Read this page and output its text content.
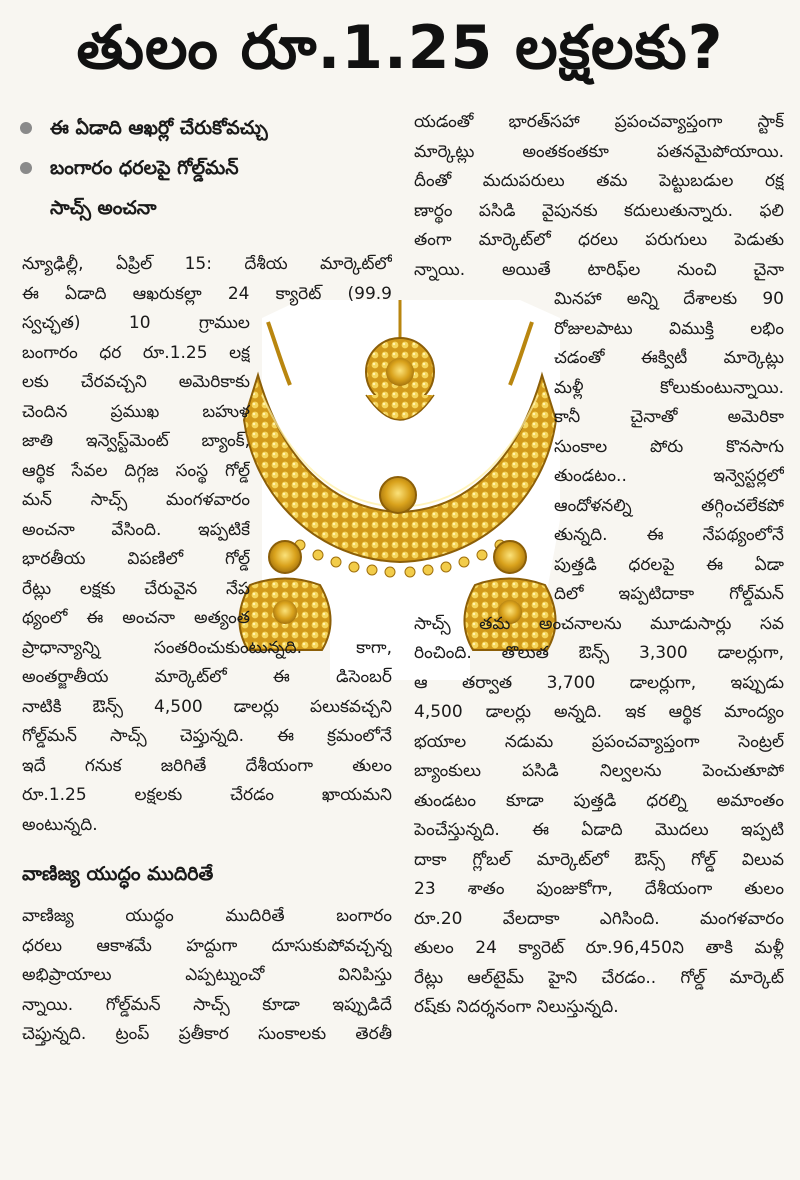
తులం రూ.1.25 లక్షలకు?
ఈ ఏడాది ఆఖర్లో చేరుకోవచ్చు
బంగారం ధరలపై గోల్డ్‌మన్
సాచ్స్ అంచనా
న్యూఢిల్లీ, ఏప్రిల్ 15: దేశీయ మార్కెట్‌లో
ఈ ఏడాది ఆఖరుకల్లా 24 క్యారెట్ (99.9
స్వచ్ఛత) 10 గ్రాముల
బంగారం ధర రూ.1.25 లక్ష
లకు చేరవచ్చని అమెరికాకు
చెందిన ప్రముఖ బహుళ
జాతి ఇన్వెస్ట్‌మెంట్ బ్యాంక్,
ఆర్థిక సేవల దిగ్గజ సంస్థ గోల్డ్
మన్ సాచ్స్ మంగళవారం
అంచనా వేసింది. ఇప్పటికే
భారతీయ విపణిలో గోల్డ్
రేట్లు లక్షకు చేరువైన నేప
థ్యంలో ఈ అంచనా అత్యంత
ప్రాధాన్యాన్ని సంతరించుకుంటున్నది. కాగా,
అంతర్జాతీయ మార్కెట్‌లో ఈ డిసెంబర్
నాటికి ఔన్స్ 4,500 డాలర్లు పలుకవచ్చని
గోల్డ్‌మన్ సాచ్స్ చెప్తున్నది. ఈ క్రమంలోనే
ఇదే గనుక జరిగితే దేశీయంగా తులం
రూ.1.25 లక్షలకు చేరడం ఖాయమని
అంటున్నది.
వాణిజ్య యుద్ధం ముదిరితే
వాణిజ్య యుద్ధం ముదిరితే బంగారం
ధరలు ఆకాశమే హద్దుగా దూసుకుపోవచ్చన్న
అభిప్రాయాలు ఎప్పట్నుంచో వినిపిస్తు
న్నాయి. గోల్డ్‌మన్ సాచ్స్ కూడా ఇప్పుడిదే
చెప్తున్నది. ట్రంప్ ప్రతీకార సుంకాలకు తెరతీ
యడంతో భారత్‌సహా ప్రపంచవ్యాప్తంగా స్టాక్
మార్కెట్లు అంతకంతకూ పతనమైపోయాయి.
దీంతో మదుపరులు తమ పెట్టుబడుల రక్ష
ణార్థం పసిడి వైపునకు కదులుతున్నారు. ఫలి
తంగా మార్కెట్‌లో ధరలు పరుగులు పెడుతు
న్నాయి. అయితే టారిఫ్‌ల నుంచి చైనా
మినహా అన్ని దేశాలకు 90
రోజులపాటు విముక్తి లభిం
చడంతో ఈక్విటీ మార్కెట్లు
మళ్లీ కోలుకుంటున్నాయి.
కానీ చైనాతో అమెరికా
సుంకాల పోరు కొనసాగు
తుండటం.. ఇన్వెస్టర్లలో
ఆందోళనల్ని తగ్గించలేకపో
తున్నది. ఈ నేపథ్యంలోనే
పుత్తడి ధరలపై ఈ ఏడా
దిలో ఇప్పటిదాకా గోల్డ్‌మన్
సాచ్స్ తమ అంచనాలను మూడుసార్లు సవ
రించింది. తొలుత ఔన్స్ 3,300 డాలర్లుగా,
ఆ తర్వాత 3,700 డాలర్లుగా, ఇప్పుడు
4,500 డాలర్లు అన్నది. ఇక ఆర్థిక మాంద్యం
భయాల నడుమ ప్రపంచవ్యాప్తంగా సెంట్రల్
బ్యాంకులు పసిడి నిల్వలను పెంచుతూపో
తుండటం కూడా పుత్తడి ధరల్ని అమాంతం
పెంచేస్తున్నది. ఈ ఏడాది మొదలు ఇప్పటి
దాకా గ్లోబల్ మార్కెట్‌లో ఔన్స్ గోల్డ్ విలువ
23 శాతం పుంజుకోగా, దేశీయంగా తులం
రూ.20 వేలదాకా ఎగిసింది. మంగళవారం
తులం 24 క్యారెట్ రూ.96,450ని తాకి మళ్లీ
రేట్లు ఆల్‌టైమ్ హైని చేరడం.. గోల్డ్ మార్కెట్
రష్‌కు నిదర్శనంగా నిలుస్తున్నది.
